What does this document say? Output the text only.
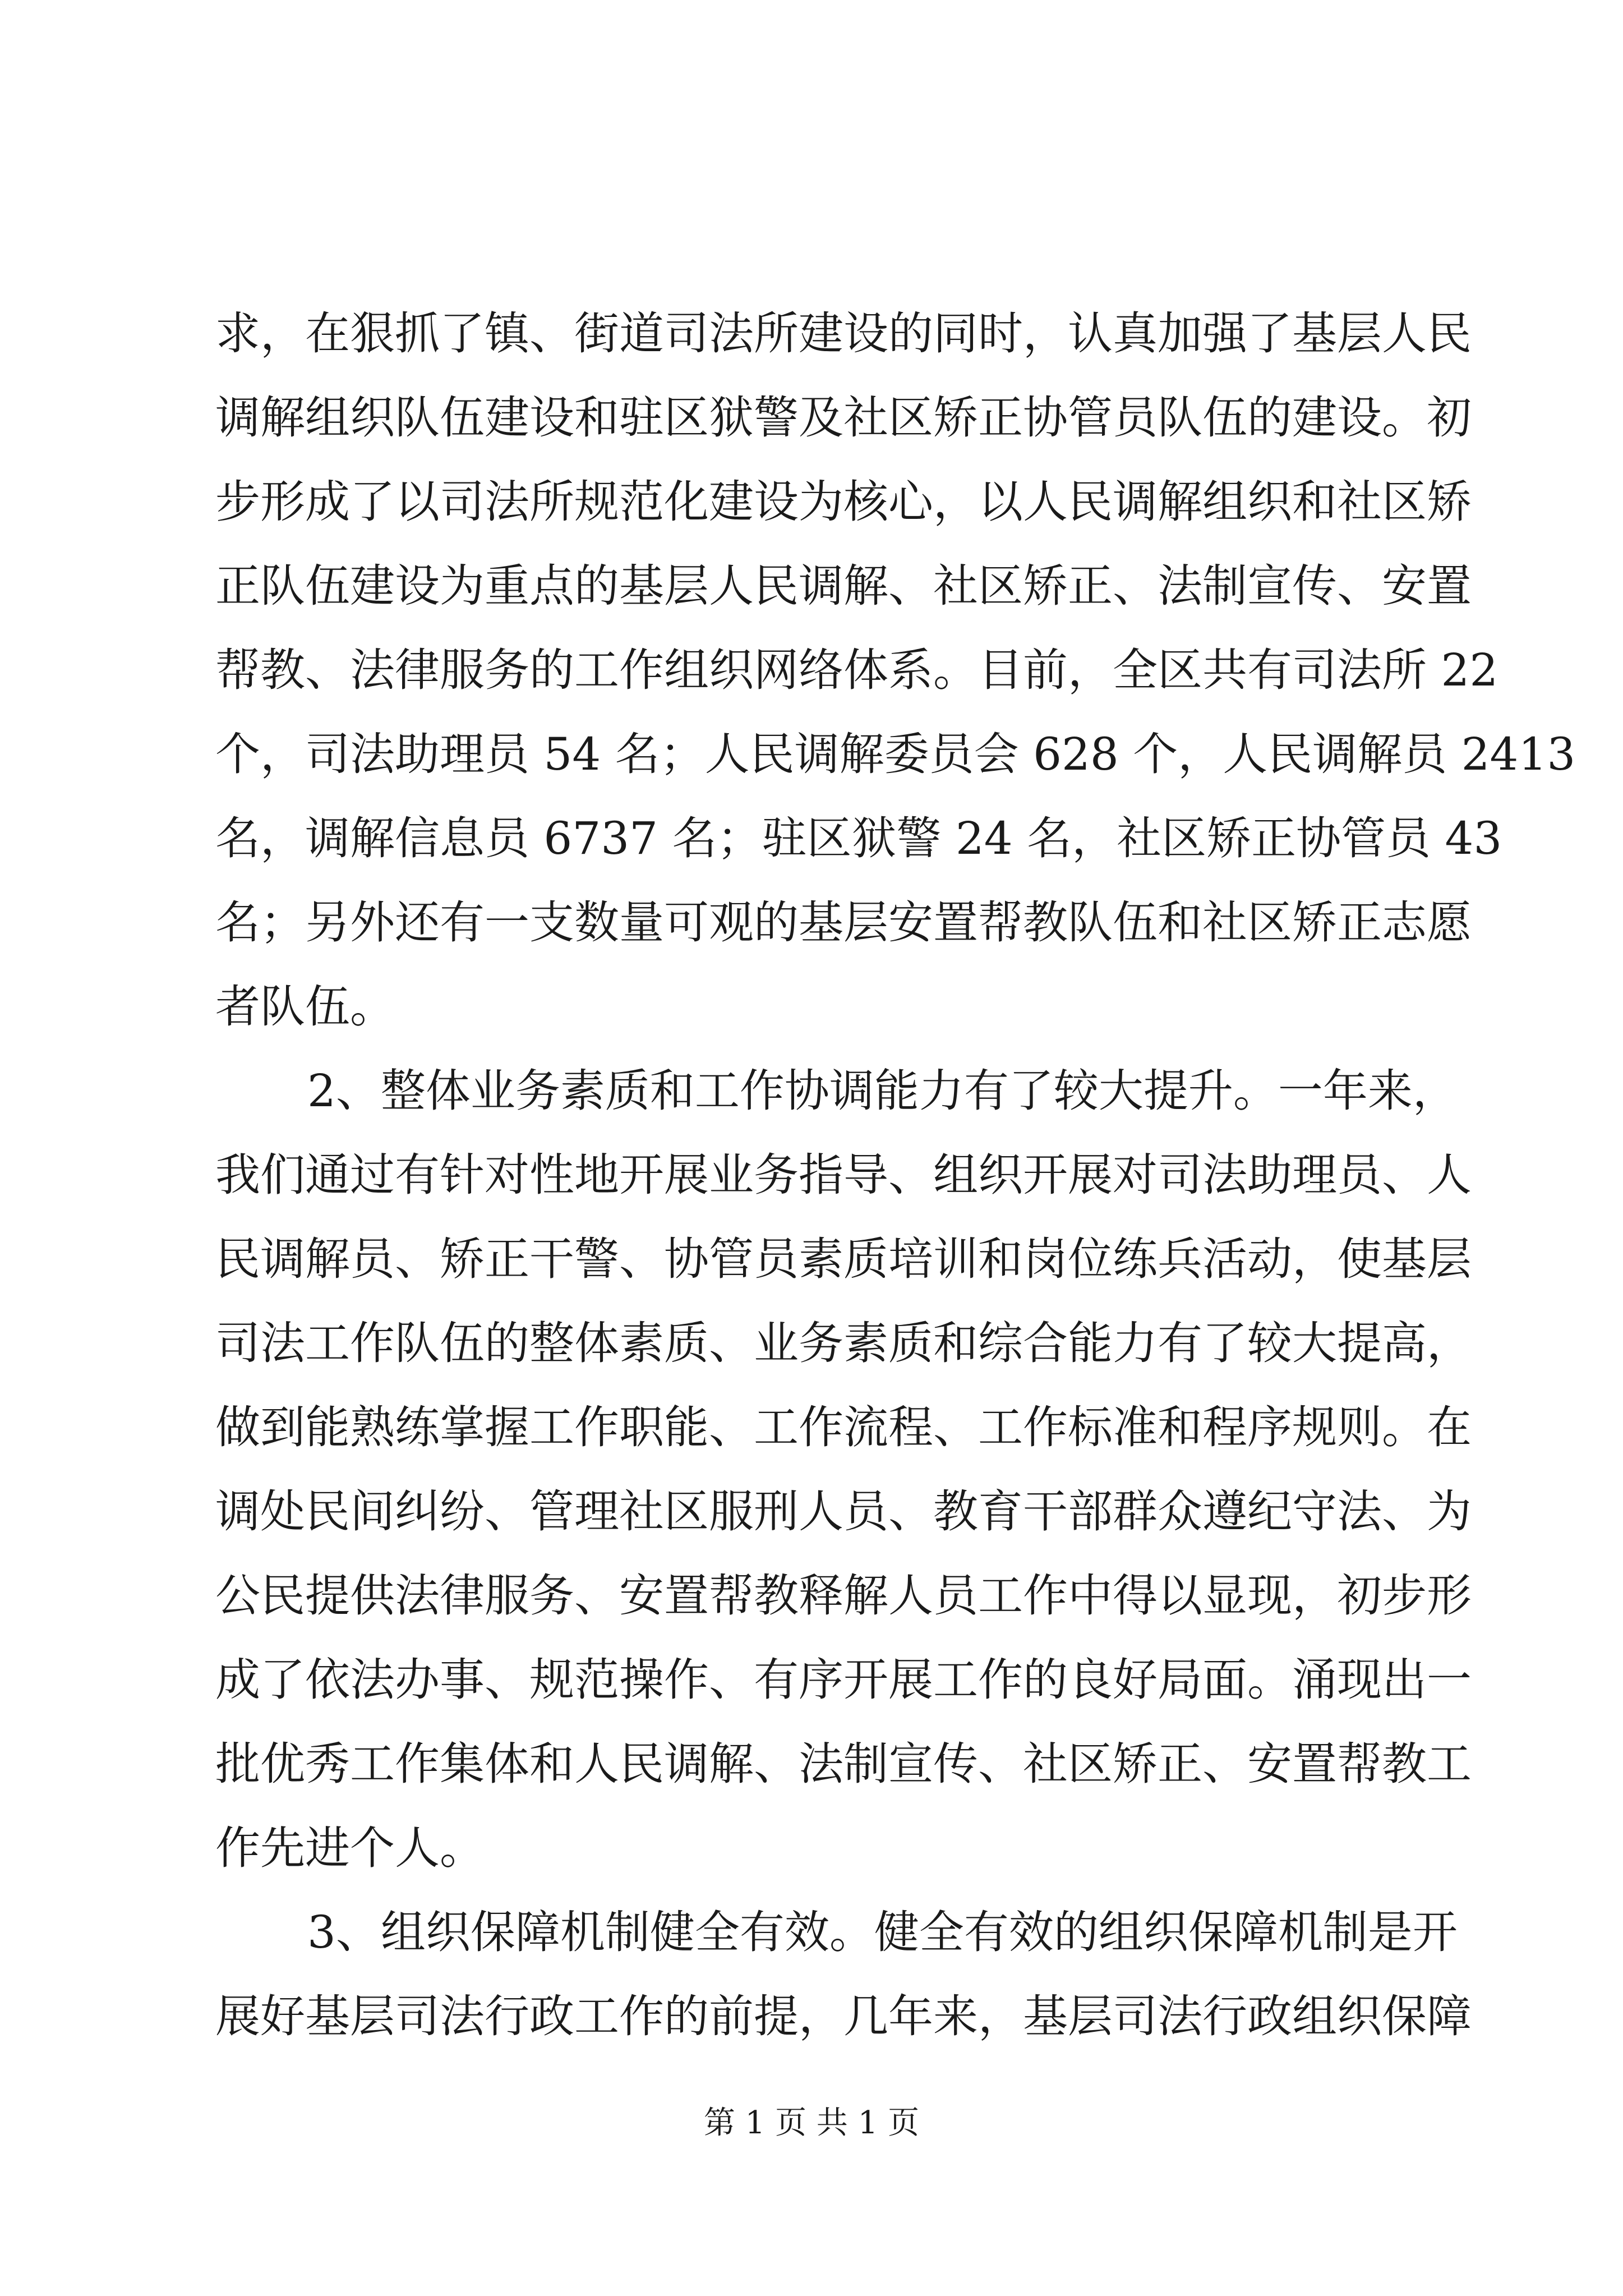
求，在狠抓了镇、街道司法所建设的同时，认真加强了基层人民
调解组织队伍建设和驻区狱警及社区矫正协管员队伍的建设。初
步形成了以司法所规范化建设为核心，以人民调解组织和社区矫
正队伍建设为重点的基层人民调解、社区矫正、法制宣传、安置
帮教、法律服务的工作组织网络体系。目前，全区共有司法所 22
个，司法助理员 54 名；人民调解委员会 628 个，人民调解员 2413
名，调解信息员 6737 名；驻区狱警 24 名，社区矫正协管员 43
名；另外还有一支数量可观的基层安置帮教队伍和社区矫正志愿
者队伍。
2、整体业务素质和工作协调能力有了较大提升。一年来，
我们通过有针对性地开展业务指导、组织开展对司法助理员、人
民调解员、矫正干警、协管员素质培训和岗位练兵活动，使基层
司法工作队伍的整体素质、业务素质和综合能力有了较大提高，
做到能熟练掌握工作职能、工作流程、工作标准和程序规则。在
调处民间纠纷、管理社区服刑人员、教育干部群众遵纪守法、为
公民提供法律服务、安置帮教释解人员工作中得以显现，初步形
成了依法办事、规范操作、有序开展工作的良好局面。涌现出一
批优秀工作集体和人民调解、法制宣传、社区矫正、安置帮教工
作先进个人。
3、组织保障机制健全有效。健全有效的组织保障机制是开
展好基层司法行政工作的前提，几年来，基层司法行政组织保障
第 1 页 共 1 页
